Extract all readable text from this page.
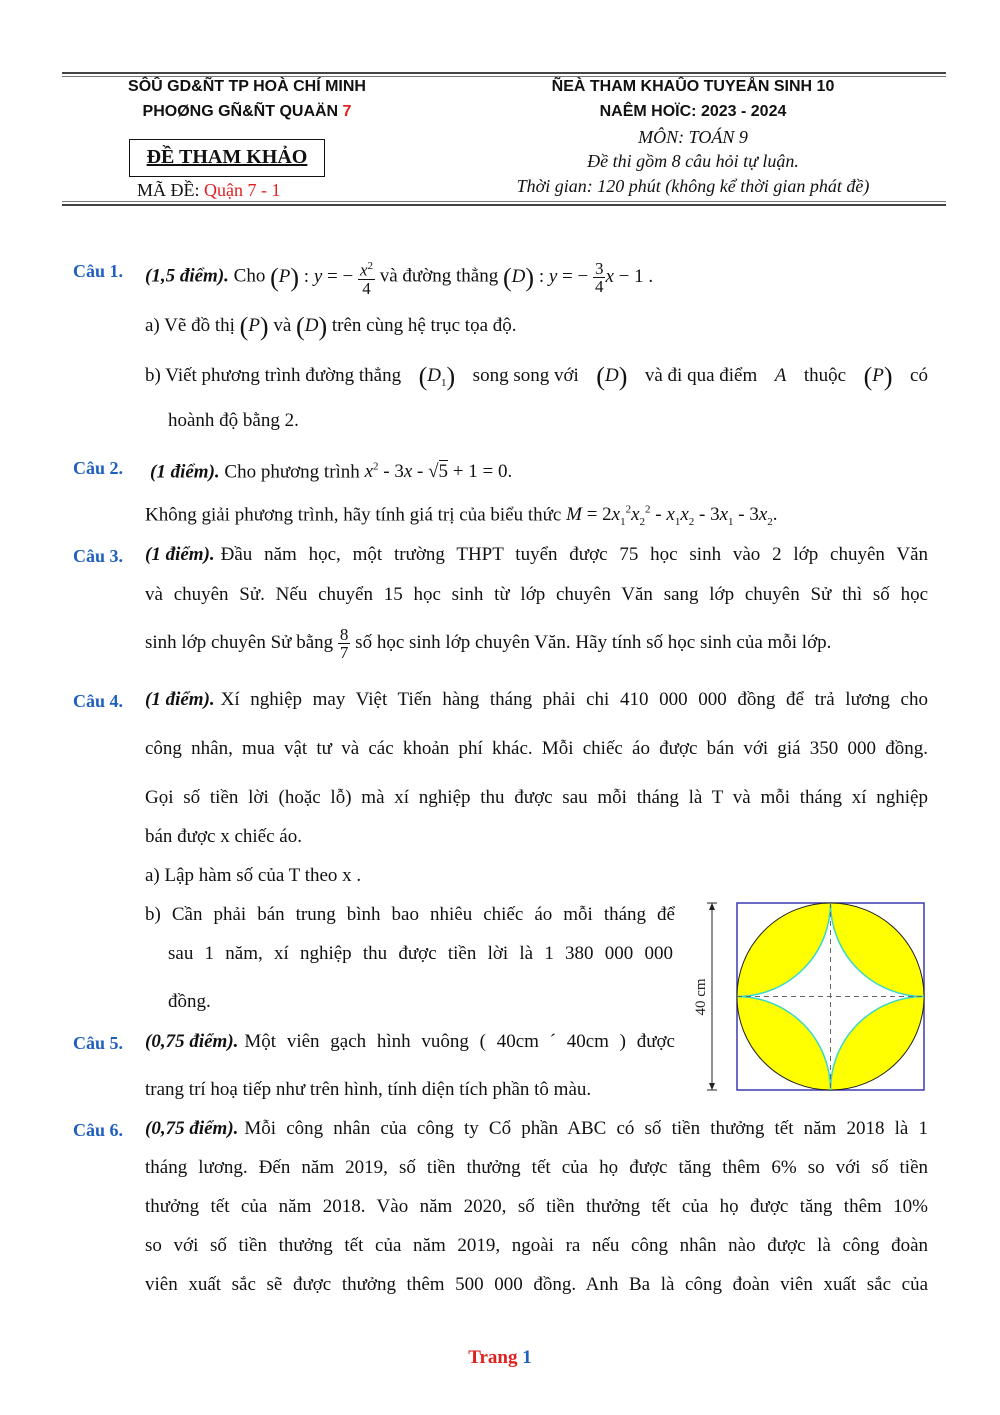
SÔÛ GD&ÑT TP HOÀ CHÍ MINH
PHOØNG GÑ&ÑT QUAÄN 7
ĐỀ THAM KHẢO
MÃ ĐỀ: Quận 7 - 1
ÑEÀ THAM KHAÛO TUYEÅN SINH 10
NAÊM HOÏC: 2023 - 2024
MÔN: TOÁN 9
Đề thi gồm 8 câu hỏi tự luận.
Thời gian: 120 phút (không kể thời gian phát đề)
Câu 1. (1,5 điểm). Cho (P) : y = − $\frac{x^2}{4}$ và đường thẳng (D) : y = − $\frac{3}{4}$ x − 1 .
a) Vẽ đồ thị (P) và (D) trên cùng hệ trục tọa độ.
b) Viết phương trình đường thẳng $(D_1)$ song song với (D) và đi qua điểm A thuộc (P) có
hoành độ bằng 2.
Câu 2. (1 điểm). Cho phương trình $x^2 - 3x - √5 + 1 = 0$.
Không giải phương trình, hãy tính giá trị của biểu thức $M = 2x_1^2x_2^2 - x_1x_2 - 3x_1 - 3x_2$.
Câu 3. (1 điểm). Đầu năm học, một trường THPT tuyển được 75 học sinh vào 2 lớp chuyên Văn
và chuyên Sử. Nếu chuyển 15 học sinh từ lớp chuyên Văn sang lớp chuyên Sử thì số học
sinh lớp chuyên Sử bằng $\frac{8}{7}$ số học sinh lớp chuyên Văn. Hãy tính số học sinh của mỗi lớp.
Câu 4. (1 điểm). Xí nghiệp may Việt Tiến hàng tháng phải chi 410 000 000 đồng để trả lương cho
công nhân, mua vật tư và các khoản phí khác. Mỗi chiếc áo được bán với giá 350 000 đồng.
Gọi số tiền lời (hoặc lỗ) mà xí nghiệp thu được sau mỗi tháng là T và mỗi tháng xí nghiệp
bán được x chiếc áo.
a) Lập hàm số của T theo x .
b) Cần phải bán trung bình bao nhiêu chiếc áo mỗi tháng để
sau 1 năm, xí nghiệp thu được tiền lời là 1 380 000 000
đồng.	40 cm
Câu 5. (0,75 điểm). Một viên gạch hình vuông ( 40cm ´ 40cm ) được
trang trí hoạ tiếp như trên hình, tính diện tích phần tô màu.
Câu 6. (0,75 điểm). Mỗi công nhân của công ty Cổ phần ABC có số tiền thưởng tết năm 2018 là 1
tháng lương. Đến năm 2019, số tiền thưởng tết của họ được tăng thêm 6% so với số tiền
thưởng tết của năm 2018. Vào năm 2020, số tiền thưởng tết của họ được tăng thêm 10%
so với số tiền thưởng tết của năm 2019, ngoài ra nếu công nhân nào được là công đoàn
viên xuất sắc sẽ được thưởng thêm 500 000 đồng. Anh Ba là công đoàn viên xuất sắc của
Trang 1
